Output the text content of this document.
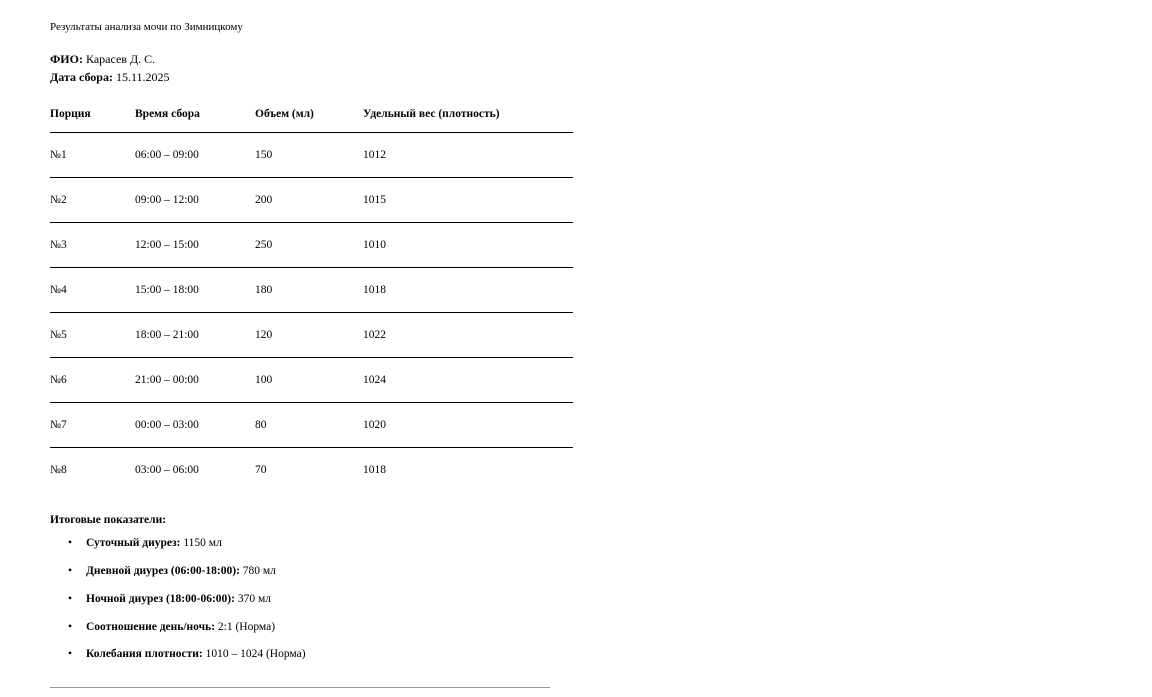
Результаты анализа мочи по Зимницкому
ФИО: Карасев Д. С.
Дата сбора: 15.11.2025
Порция	Время сбора	Объем (мл)	Удельный вес (плотность)
№1	06:00 – 09:00	150	1012
№2	09:00 – 12:00	200	1015
№3	12:00 – 15:00	250	1010
№4	15:00 – 18:00	180	1018
№5	18:00 – 21:00	120	1022
№6	21:00 – 00:00	100	1024
№7	00:00 – 03:00	80	1020
№8	03:00 – 06:00	70	1018
Итоговые показатели:
• Суточный диурез: 1150 мл
• Дневной диурез (06:00-18:00): 780 мл
• Ночной диурез (18:00-06:00): 370 мл
• Соотношение день/ночь: 2:1 (Норма)
• Колебания плотности: 1010 – 1024 (Норма)
